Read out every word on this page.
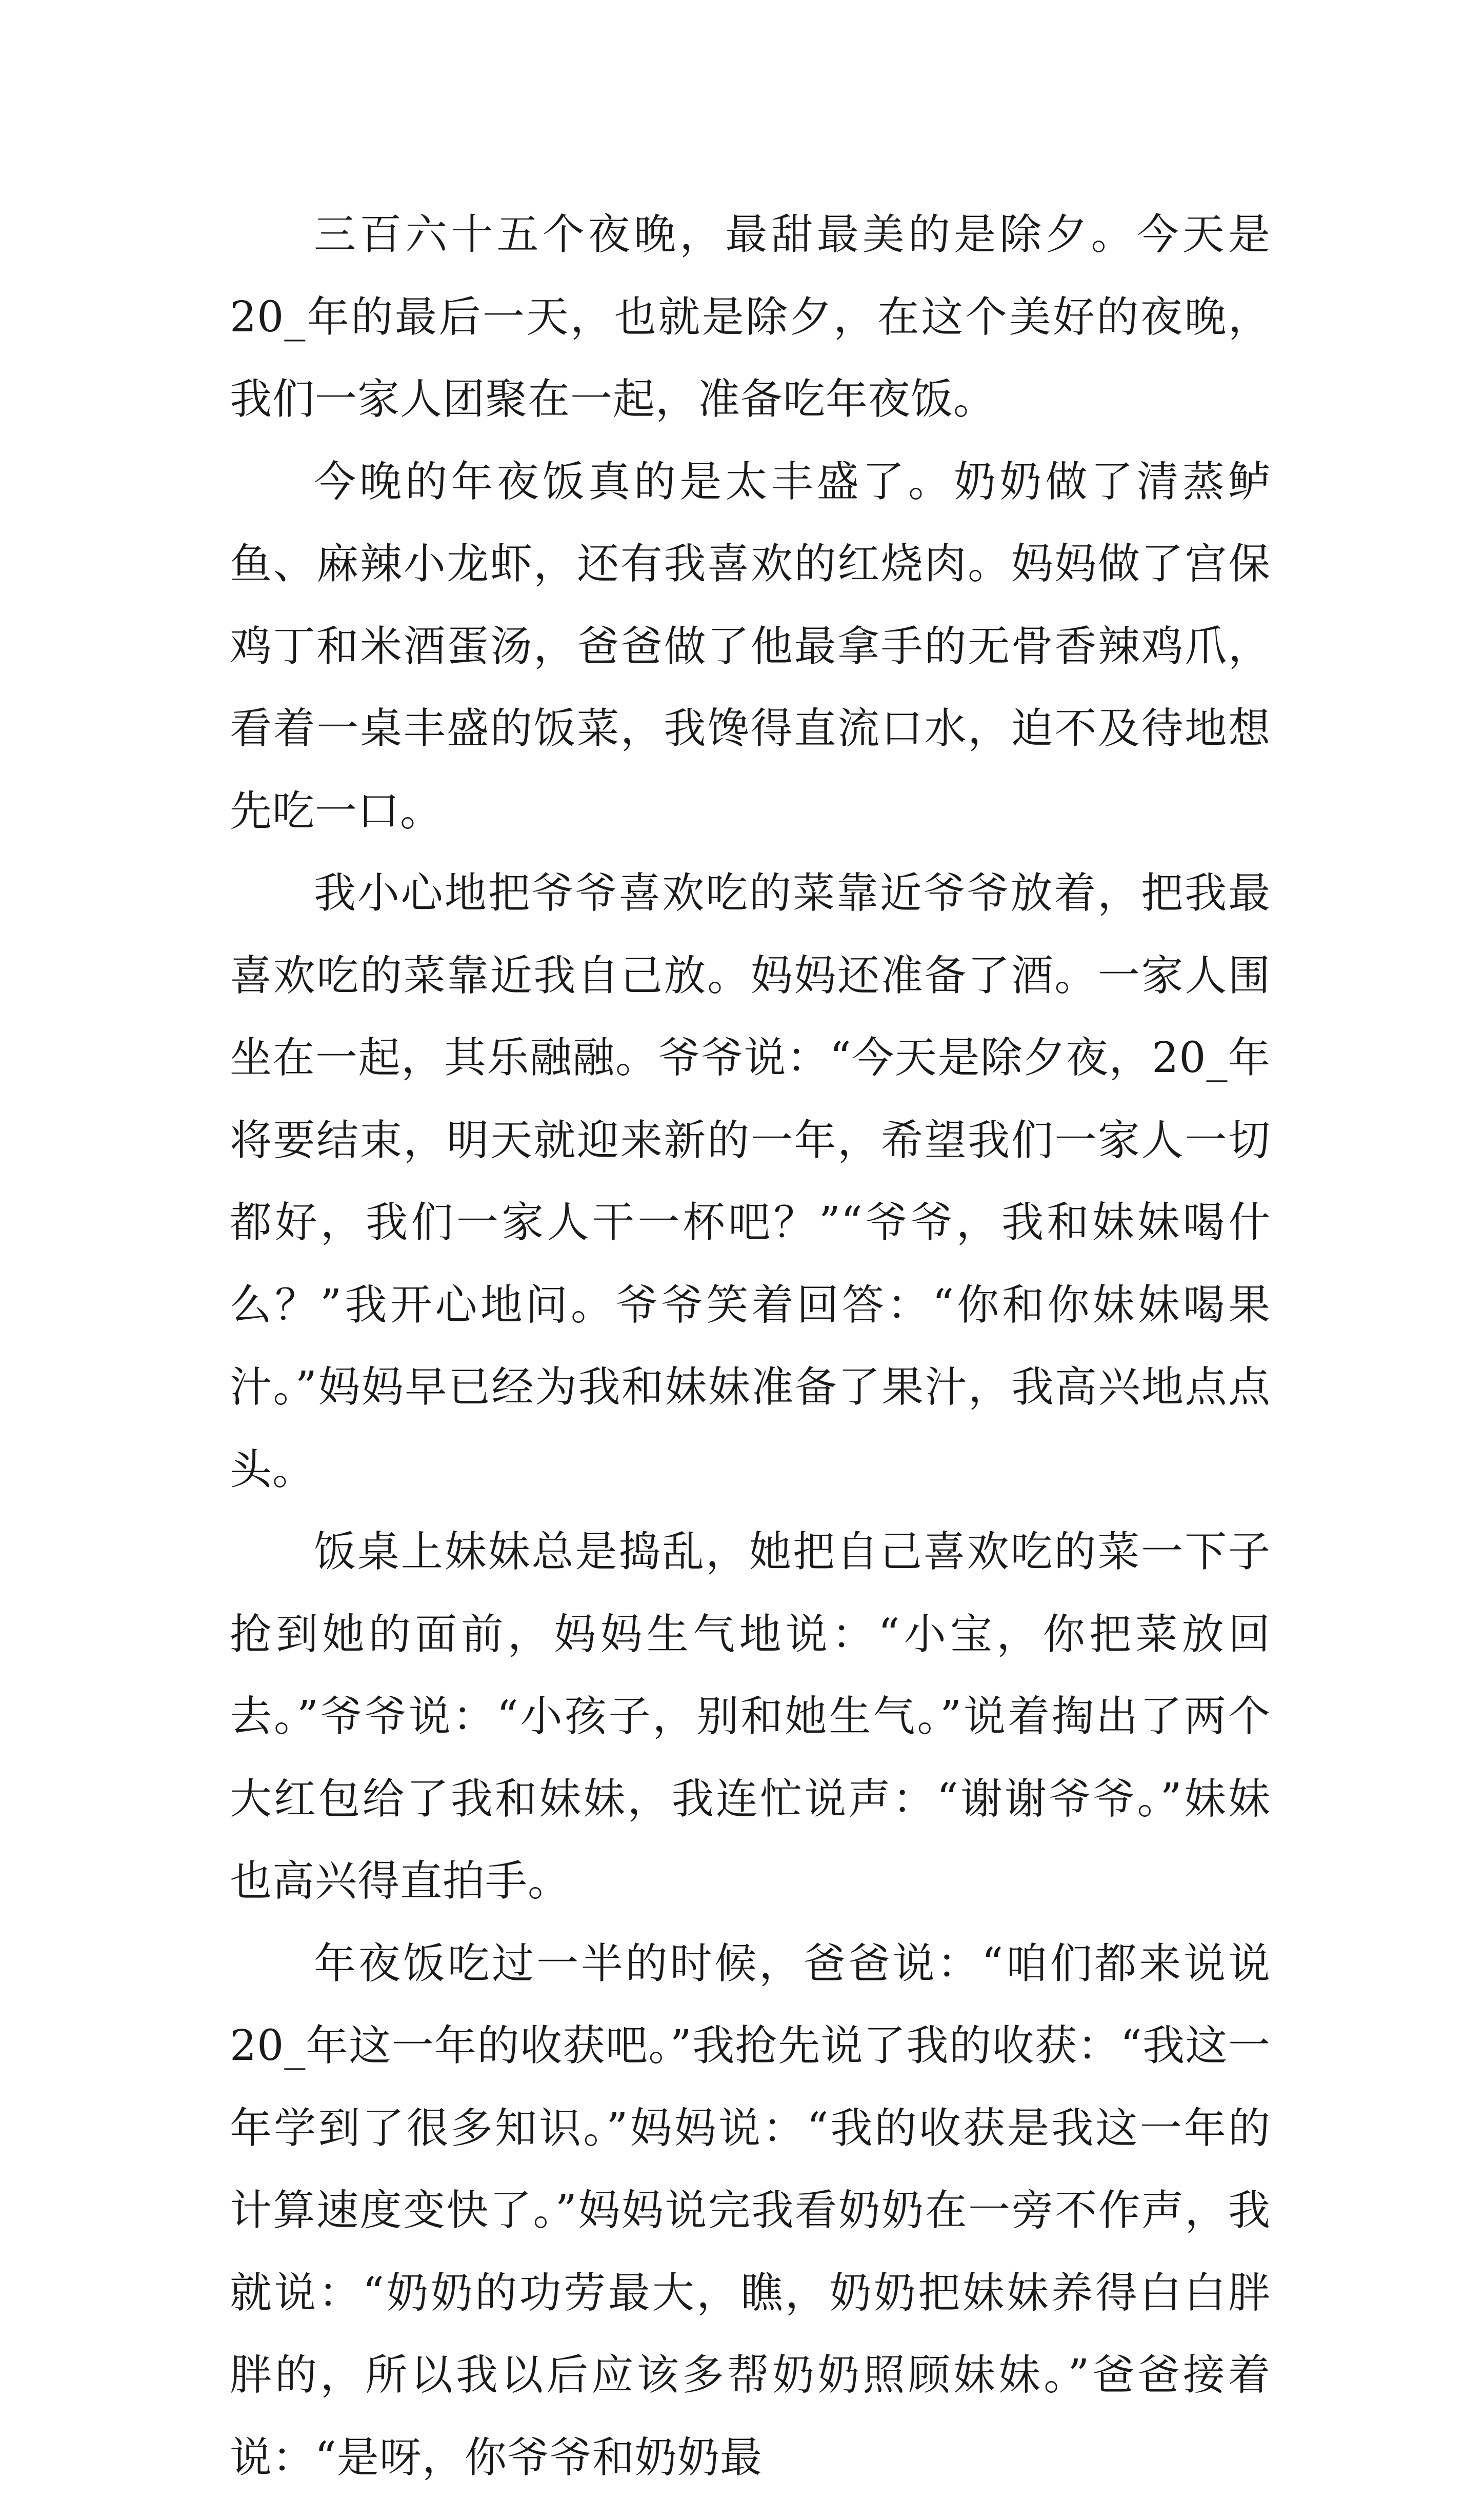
三百六十五个夜晚，最甜最美的是除夕。今天是20_年的最后一天，也就是除夕，在这个美好的夜晚，我们一家人团聚在一起，准备吃年夜饭。

今晚的年夜饭真的是太丰盛了。奶奶做了清蒸鲈鱼、麻辣小龙虾，还有我喜欢的红烧肉。妈妈做了宫保鸡丁和米酒蛋汤，爸爸做了他最拿手的无骨香辣鸡爪，看着一桌丰盛的饭菜，我馋得直流口水，迫不及待地想先吃一口。

我小心地把爷爷喜欢吃的菜靠近爷爷放着，把我最喜欢吃的菜靠近我自己放。妈妈还准备了酒。一家人围坐在一起，其乐融融。爷爷说：“今天是除夕夜，20_年将要结束，明天就迎来新的一年，希望我们一家人一切都好，我们一家人干一杯吧？”“爷爷，我和妹妹喝什么？”我开心地问。爷爷笑着回答：“你和你妹妹喝果汁。”妈妈早已经为我和妹妹准备了果汁，我高兴地点点头。

饭桌上妹妹总是捣乱，她把自己喜欢吃的菜一下子抢到她的面前，妈妈生气地说：“小宝，你把菜放回去。”爷爷说：“小孩子，别和她生气。”说着掏出了两个大红包给了我和妹妹，我连忙说声：“谢谢爷爷。”妹妹也高兴得直拍手。

年夜饭吃过一半的时候，爸爸说：“咱们都来说说20_年这一年的收获吧。”我抢先说了我的收获：“我这一年学到了很多知识。”妈妈说：“我的收获是我这一年的计算速度变快了。”妈妈说完我看奶奶在一旁不作声，我就说：“奶奶的功劳最大，瞧，奶奶把妹妹养得白白胖胖的，所以我以后应该多帮奶奶照顾妹妹。”爸爸接着说：“是呀，你爷爷和奶奶最
